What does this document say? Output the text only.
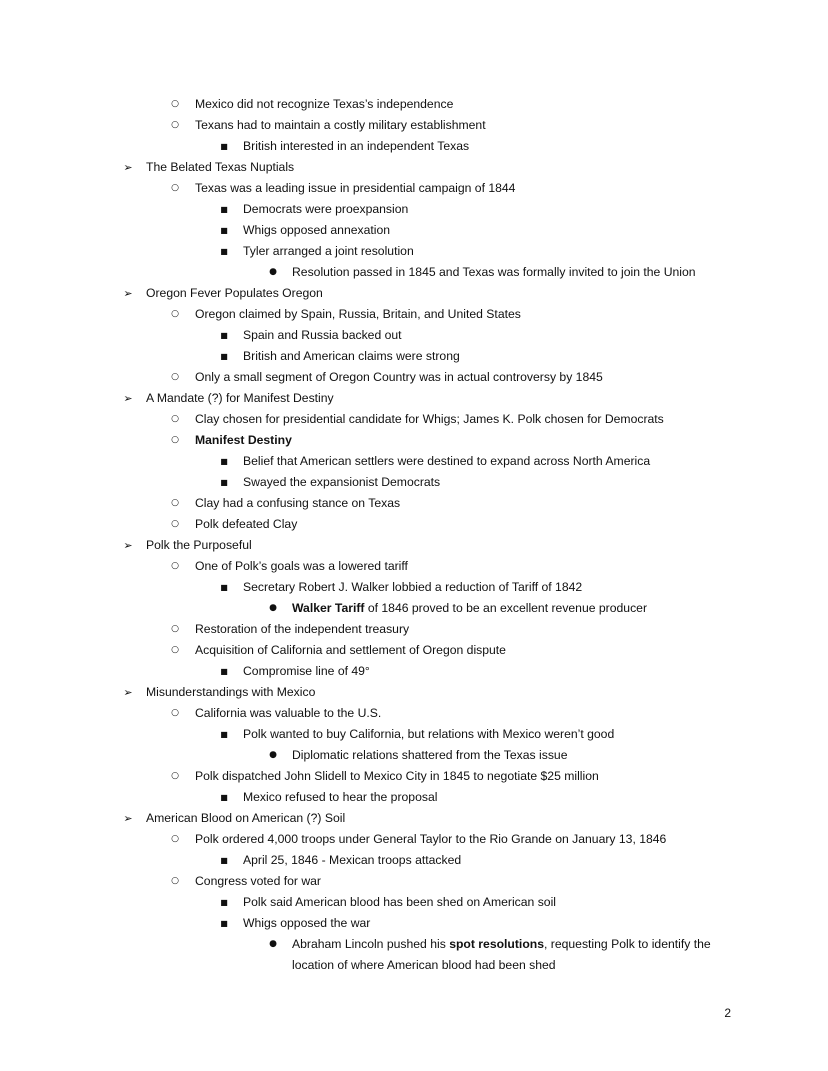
○ Mexico did not recognize Texas’s independence
○ Texans had to maintain a costly military establishment
■ British interested in an independent Texas
➢ The Belated Texas Nuptials
○ Texas was a leading issue in presidential campaign of 1844
■ Democrats were proexpansion
■ Whigs opposed annexation
■ Tyler arranged a joint resolution
● Resolution passed in 1845 and Texas was formally invited to join the Union
➢ Oregon Fever Populates Oregon
○ Oregon claimed by Spain, Russia, Britain, and United States
■ Spain and Russia backed out
■ British and American claims were strong
○ Only a small segment of Oregon Country was in actual controversy by 1845
➢ A Mandate (?) for Manifest Destiny
○ Clay chosen for presidential candidate for Whigs; James K. Polk chosen for Democrats
○ Manifest Destiny
■ Belief that American settlers were destined to expand across North America
■ Swayed the expansionist Democrats
○ Clay had a confusing stance on Texas
○ Polk defeated Clay
➢ Polk the Purposeful
○ One of Polk’s goals was a lowered tariff
■ Secretary Robert J. Walker lobbied a reduction of Tariff of 1842
● Walker Tariff of 1846 proved to be an excellent revenue producer
○ Restoration of the independent treasury
○ Acquisition of California and settlement of Oregon dispute
■ Compromise line of 49°
➢ Misunderstandings with Mexico
○ California was valuable to the U.S.
■ Polk wanted to buy California, but relations with Mexico weren’t good
● Diplomatic relations shattered from the Texas issue
○ Polk dispatched John Slidell to Mexico City in 1845 to negotiate $25 million
■ Mexico refused to hear the proposal
➢ American Blood on American (?) Soil
○ Polk ordered 4,000 troops under General Taylor to the Rio Grande on January 13, 1846
■ April 25, 1846 - Mexican troops attacked
○ Congress voted for war
■ Polk said American blood has been shed on American soil
■ Whigs opposed the war
● Abraham Lincoln pushed his spot resolutions, requesting Polk to identify the
location of where American blood had been shed
2
